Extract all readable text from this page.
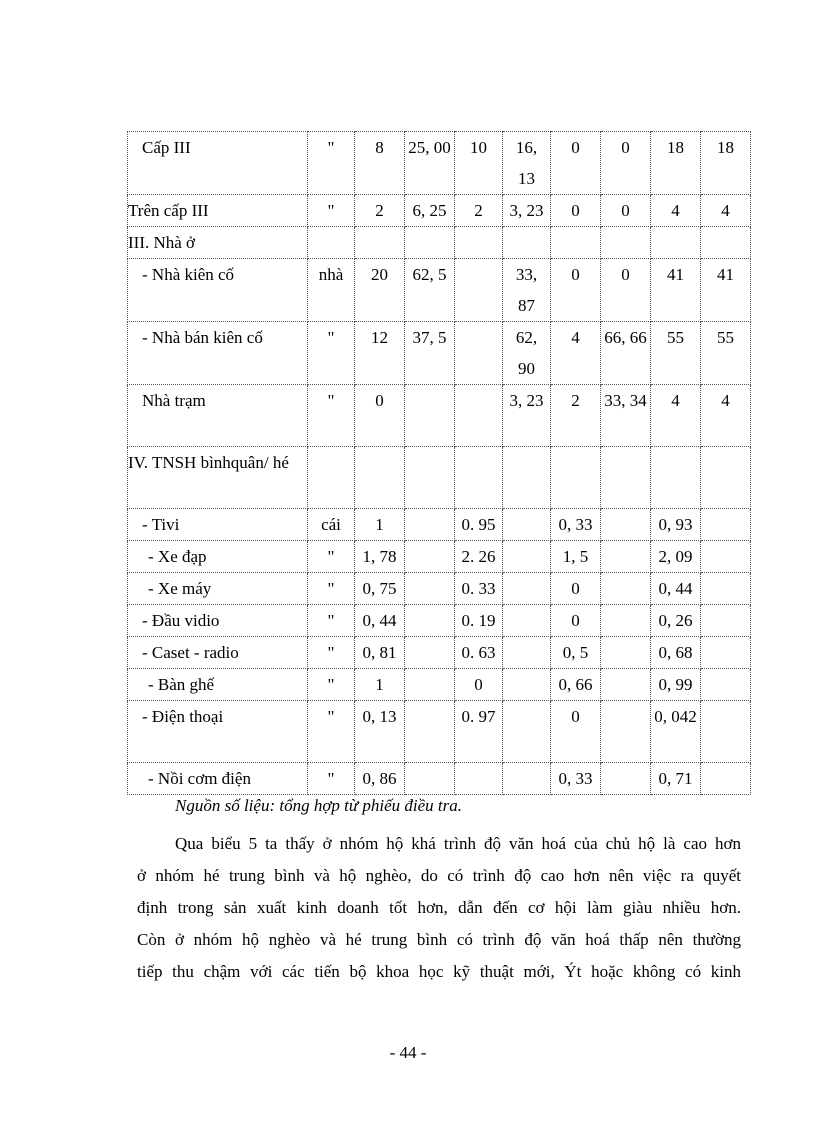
Cấp III	"	8	25, 00	10	16, 13	0	0	18	18
Trên cấp III	"	2	6, 25	2	3, 23	0	0	4	4
III. Nhà ở									
- Nhà kiên cố	nhà	20	62, 5		33, 87	0	0	41	41
- Nhà bán kiên cố	"	12	37, 5		62, 90	4	66, 66	55	55
Nhà trạm	"	0			3, 23	2	33, 34	4	4
IV. TNSH bìnhquân/ hé									
- Tivi	cái	1		0. 95		0, 33		0, 93	
- Xe đạp	"	1, 78		2. 26		1, 5		2, 09	
- Xe máy	"	0, 75		0. 33		0		0, 44	
- Đầu vidio	"	0, 44		0. 19		0		0, 26	
- Caset - radio	"	0, 81		0. 63		0, 5		0, 68	
- Bàn ghế	"	1		0		0, 66		0, 99	
- Điện thoại	"	0, 13		0. 97		0		0, 042	
- Nồi cơm điện	"	0, 86				0, 33		0, 71	
Nguồn số liệu: tổng hợp từ phiếu điều tra.
Qua biểu 5 ta thấy ở nhóm hộ khá trình độ văn hoá của chủ hộ là cao hơn
ở nhóm hé trung bình và hộ nghèo, do có trình độ cao hơn nên việc ra quyết
định trong sản xuất kinh doanh tốt hơn, dẫn đến cơ hội làm giàu nhiều hơn.
Còn ở nhóm hộ nghèo và hé trung bình có trình độ văn hoá thấp nên thường
tiếp thu chậm với các tiến bộ khoa học kỹ thuật mới, Ýt hoặc không có kinh
- 44 -
